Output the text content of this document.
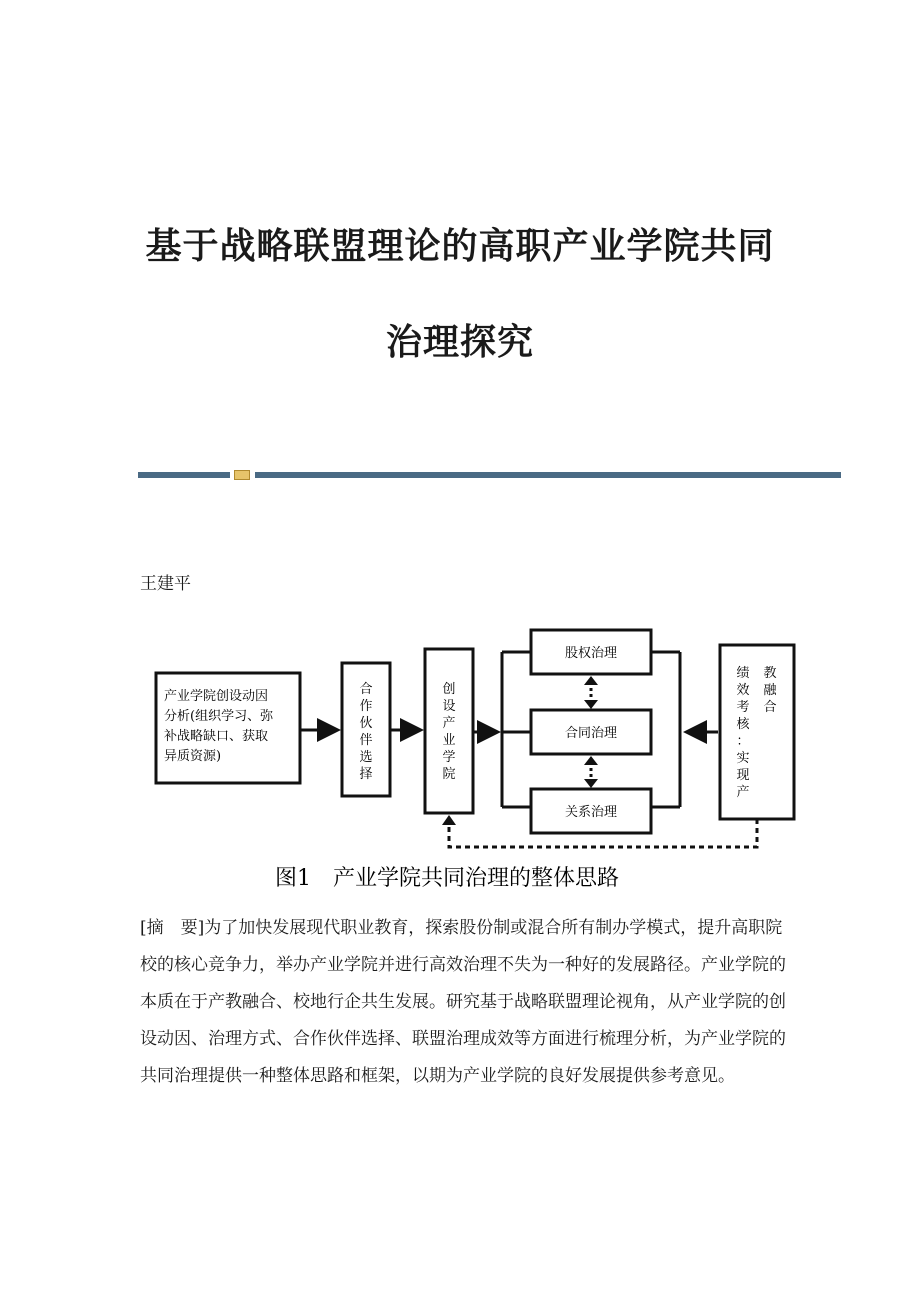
基于战略联盟理论的高职产业学院共同
治理探究
王建平
产业学院创设动因
分析(组织学习、弥
补战略缺口、获取
异质资源)
合
作
伙
伴
选
择
创
设
产
业
学
院
股权治理
合同治理
关系治理
绩
效
考
核
：
实
现
产
教
融
合
图1　产业学院共同治理的整体思路
[摘　要]为了加快发展现代职业教育，探索股份制或混合所有制办学模式，提升高职院校的核心竞争力，举办产业学院并进行高效治理不失为一种好的发展路径。产业学院的本质在于产教融合、校地行企共生发展。研究基于战略联盟理论视角，从产业学院的创设动因、治理方式、合作伙伴选择、联盟治理成效等方面进行梳理分析，为产业学院的共同治理提供一种整体思路和框架，以期为产业学院的良好发展提供参考意见。
